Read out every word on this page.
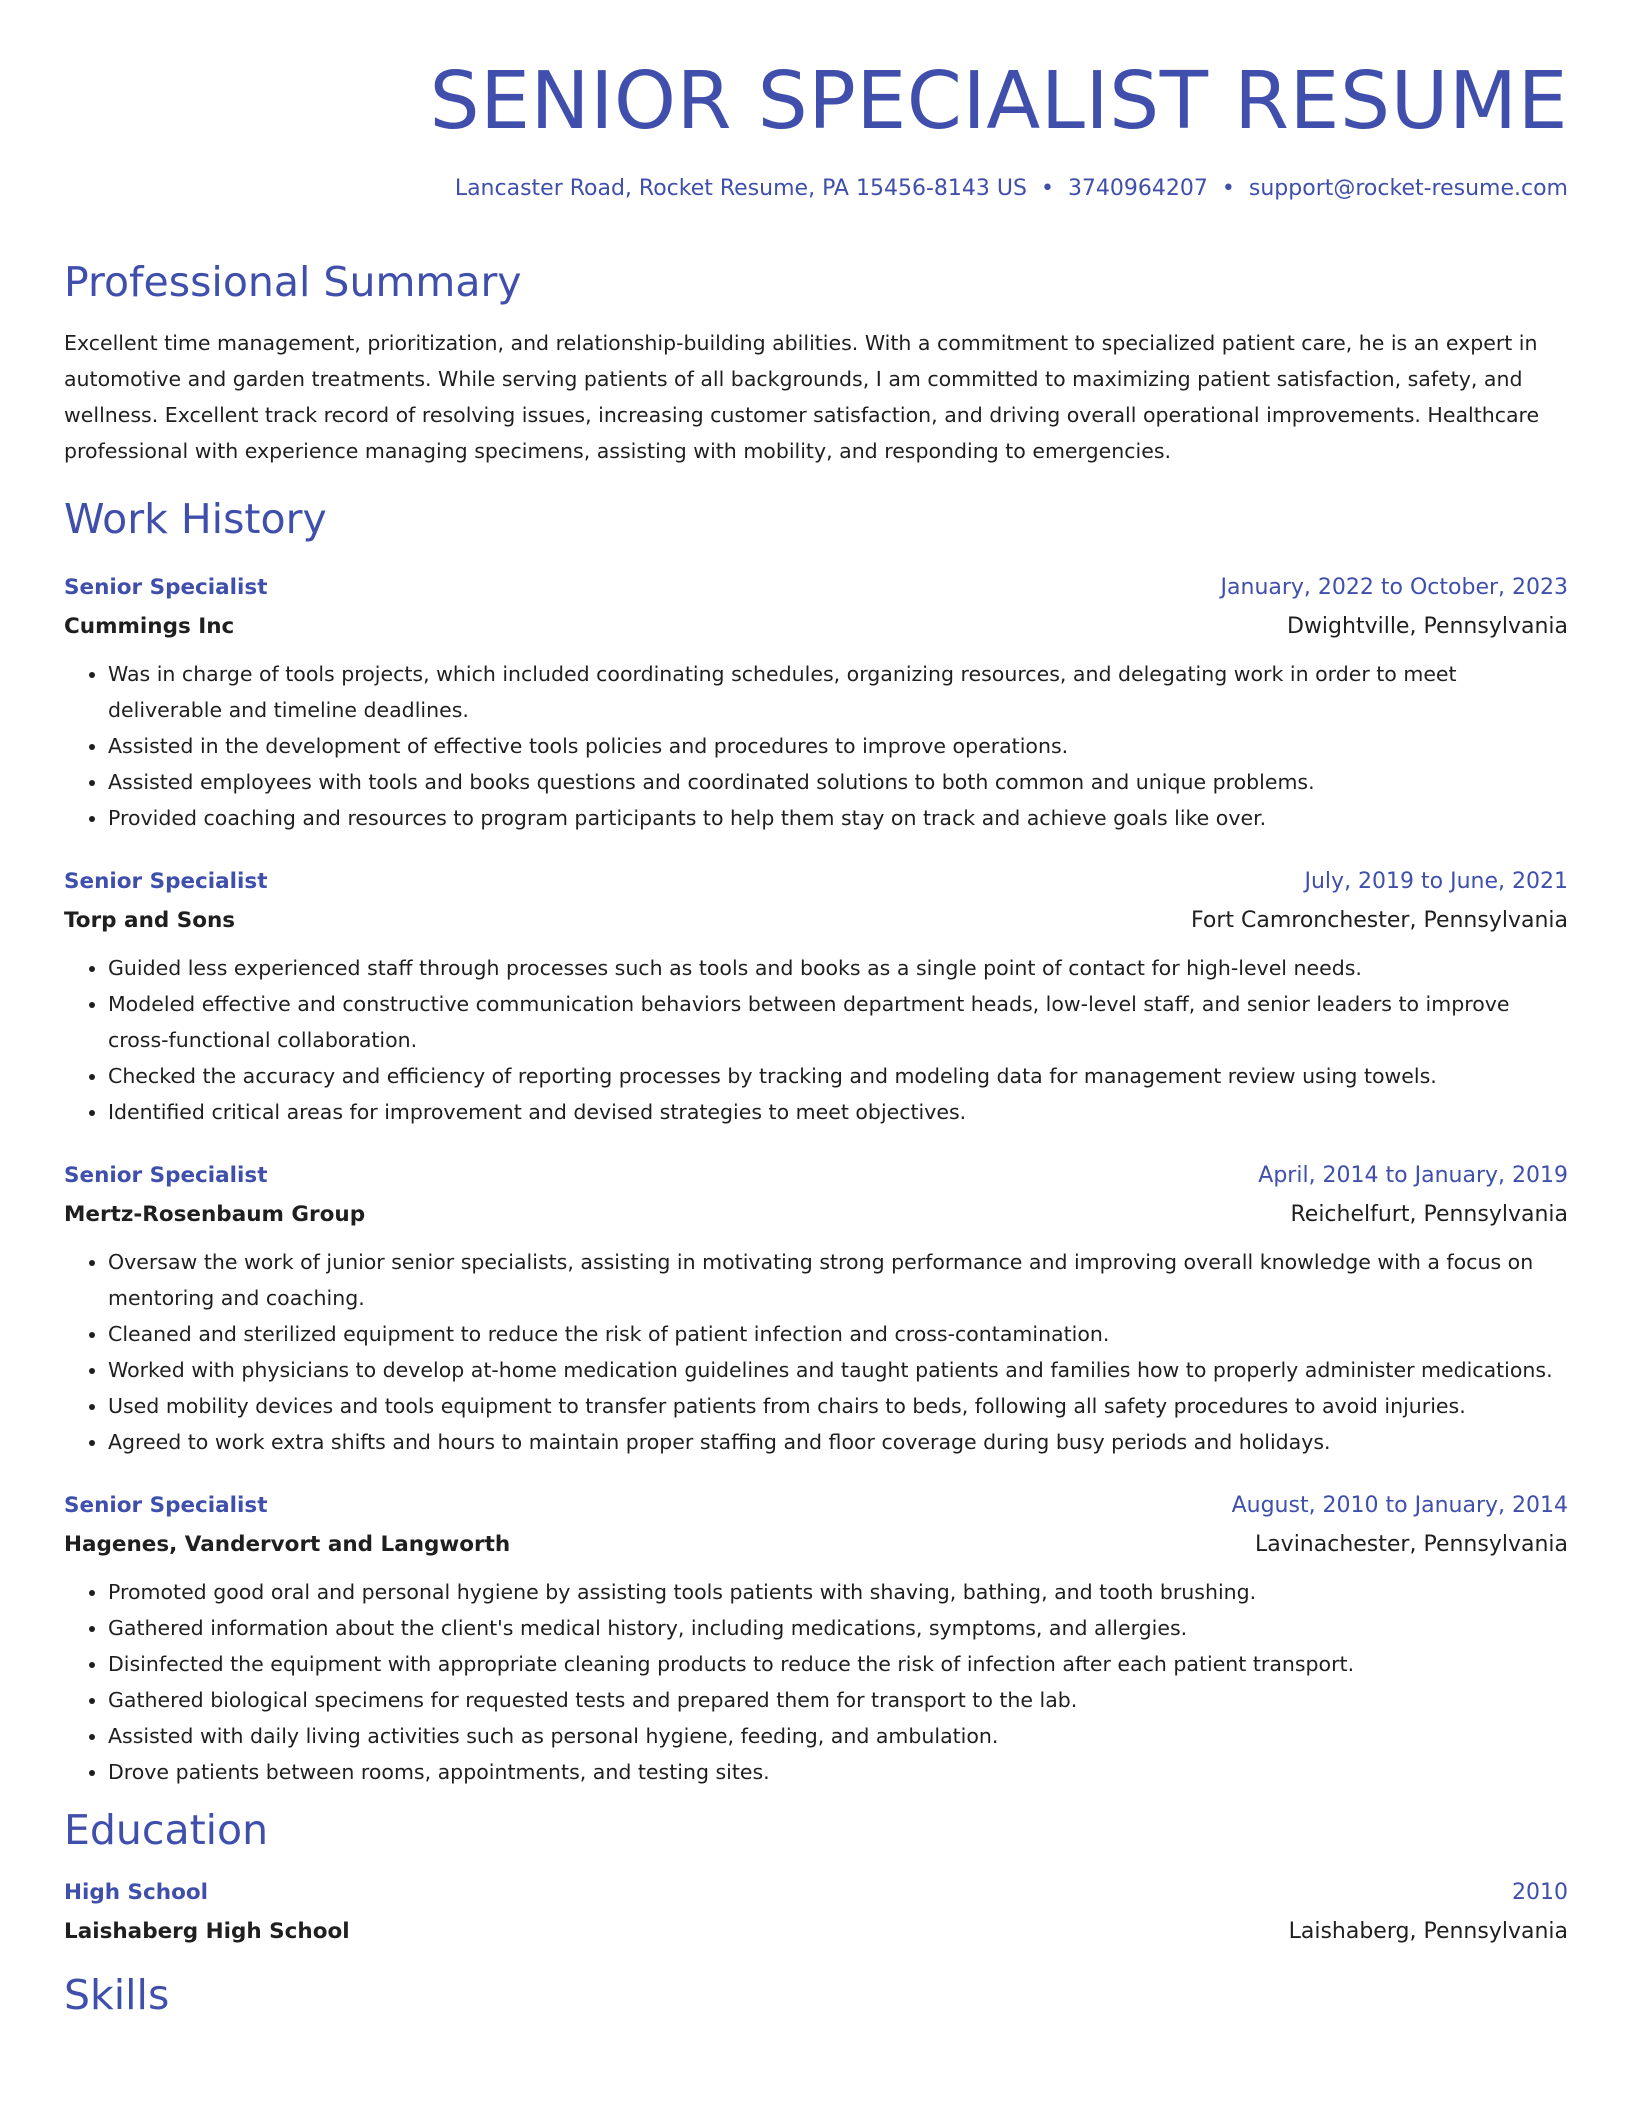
SENIOR SPECIALIST RESUME
Lancaster Road, Rocket Resume, PA 15456-8143 US • 3740964207 • support@rocket-resume.com
Professional Summary
Excellent time management, prioritization, and relationship-building abilities. With a commitment to specialized patient care, he is an expert in automotive and garden treatments. While serving patients of all backgrounds, I am committed to maximizing patient satisfaction, safety, and wellness. Excellent track record of resolving issues, increasing customer satisfaction, and driving overall operational improvements. Healthcare professional with experience managing specimens, assisting with mobility, and responding to emergencies.
Work History
Senior Specialist	January, 2022 to October, 2023
Cummings Inc	Dwightville, Pennsylvania
• Was in charge of tools projects, which included coordinating schedules, organizing resources, and delegating work in order to meet deliverable and timeline deadlines.
• Assisted in the development of effective tools policies and procedures to improve operations.
• Assisted employees with tools and books questions and coordinated solutions to both common and unique problems.
• Provided coaching and resources to program participants to help them stay on track and achieve goals like over.
Senior Specialist	July, 2019 to June, 2021
Torp and Sons	Fort Camronchester, Pennsylvania
• Guided less experienced staff through processes such as tools and books as a single point of contact for high-level needs.
• Modeled effective and constructive communication behaviors between department heads, low-level staff, and senior leaders to improve cross-functional collaboration.
• Checked the accuracy and efficiency of reporting processes by tracking and modeling data for management review using towels.
• Identified critical areas for improvement and devised strategies to meet objectives.
Senior Specialist	April, 2014 to January, 2019
Mertz-Rosenbaum Group	Reichelfurt, Pennsylvania
• Oversaw the work of junior senior specialists, assisting in motivating strong performance and improving overall knowledge with a focus on mentoring and coaching.
• Cleaned and sterilized equipment to reduce the risk of patient infection and cross-contamination.
• Worked with physicians to develop at-home medication guidelines and taught patients and families how to properly administer medications.
• Used mobility devices and tools equipment to transfer patients from chairs to beds, following all safety procedures to avoid injuries.
• Agreed to work extra shifts and hours to maintain proper staffing and floor coverage during busy periods and holidays.
Senior Specialist	August, 2010 to January, 2014
Hagenes, Vandervort and Langworth	Lavinachester, Pennsylvania
• Promoted good oral and personal hygiene by assisting tools patients with shaving, bathing, and tooth brushing.
• Gathered information about the client's medical history, including medications, symptoms, and allergies.
• Disinfected the equipment with appropriate cleaning products to reduce the risk of infection after each patient transport.
• Gathered biological specimens for requested tests and prepared them for transport to the lab.
• Assisted with daily living activities such as personal hygiene, feeding, and ambulation.
• Drove patients between rooms, appointments, and testing sites.
Education
High School	2010
Laishaberg High School	Laishaberg, Pennsylvania
Skills
